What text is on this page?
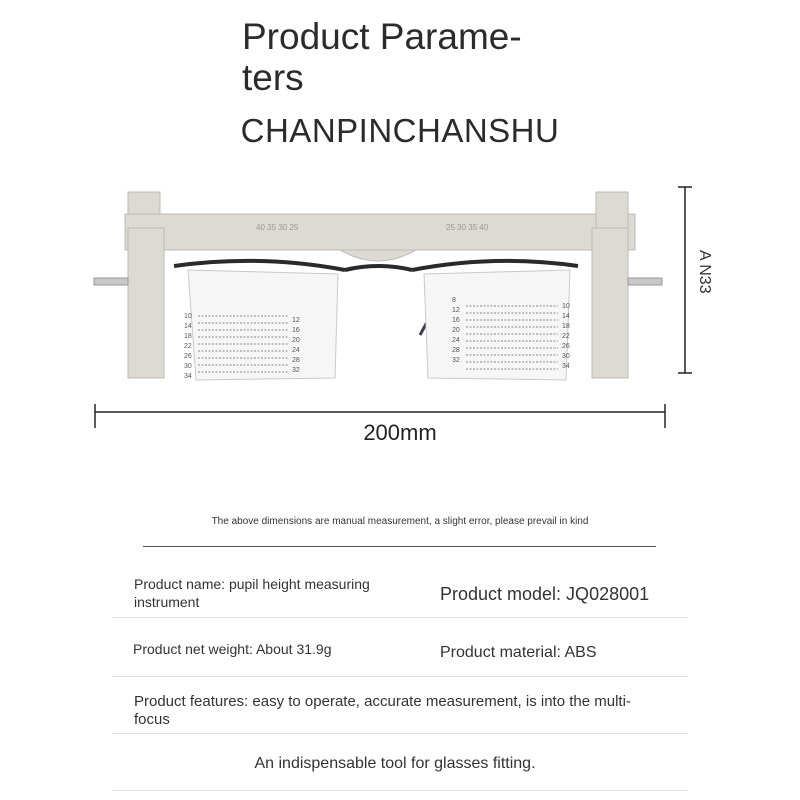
Product Parame-ters
CHANPINCHANSHU
40 35 30 25	25 30 35 40
10
14
18
22
26
30
34
12
16
20
24
28
32
8
12
16
20
24
28
32
10
14
18
22
26
30
34
A N33
200mm
The above dimensions are manual measurement, a slight error, please prevail in kind
Product name: pupil height measuring instrument	Product model: JQ028001
Product net weight: About 31.9g	Product material: ABS
Product features: easy to operate, accurate measurement, is into the multi-focus
An indispensable tool for glasses fitting.
